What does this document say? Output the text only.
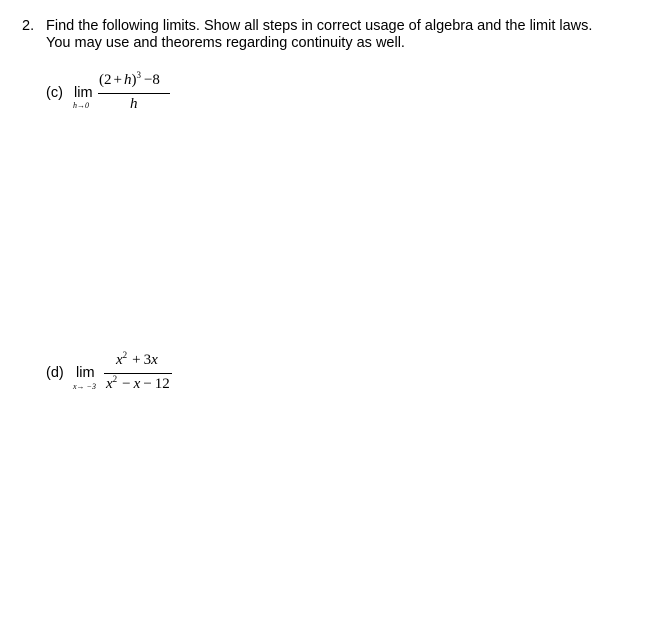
2. Find the following limits. Show all steps in correct usage of algebra and the limit laws. You may use and theorems regarding continuity as well.
(c) lim
h→0
$(2 + h)^3 -8$
h
(d) lim
x→ −3
$x^2 + 3x$
$x^2 - x - 12$
